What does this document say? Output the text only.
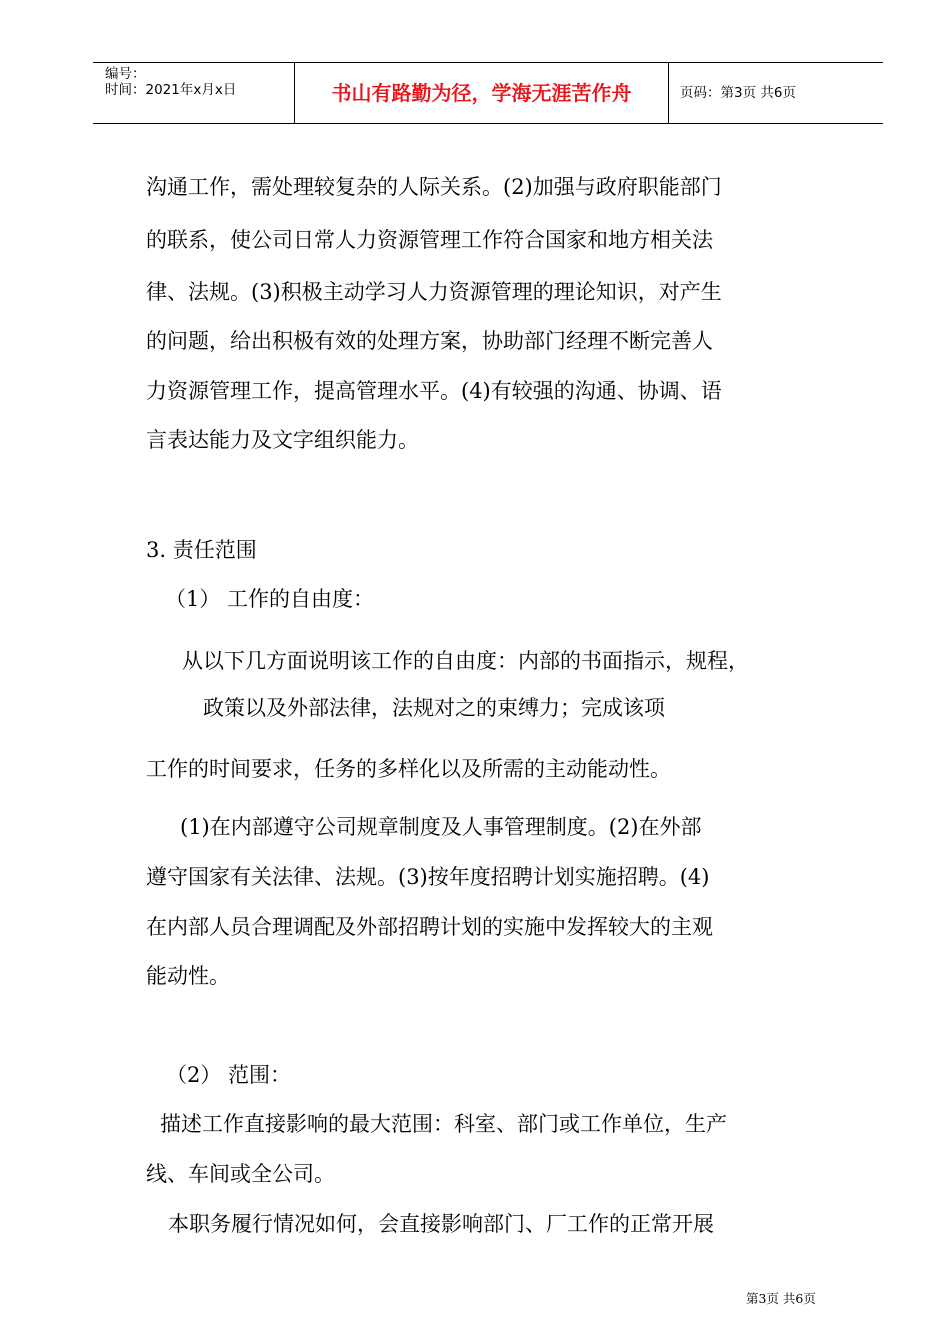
编号：
时间：2021年x月x日	书山有路勤为径，学海无涯苦作舟	页码：第3页 共6页
沟通工作，需处理较复杂的人际关系。(2)加强与政府职能部门
的联系，使公司日常人力资源管理工作符合国家和地方相关法
律、法规。(3)积极主动学习人力资源管理的理论知识，对产生
的问题，给出积极有效的处理方案，协助部门经理不断完善人
力资源管理工作，提高管理水平。(4)有较强的沟通、协调、语
言表达能力及文字组织能力。
3. 责任范围
（1） 工作的自由度：
从以下几方面说明该工作的自由度：内部的书面指示，规程，
政策以及外部法律，法规对之的束缚力；完成该项
工作的时间要求，任务的多样化以及所需的主动能动性。
(1)在内部遵守公司规章制度及人事管理制度。(2)在外部
遵守国家有关法律、法规。(3)按年度招聘计划实施招聘。(4)
在内部人员合理调配及外部招聘计划的实施中发挥较大的主观
能动性。
（2） 范围：
描述工作直接影响的最大范围：科室、部门或工作单位，生产
线、车间或全公司。
本职务履行情况如何，会直接影响部门、厂工作的正常开展
第3页 共6页
